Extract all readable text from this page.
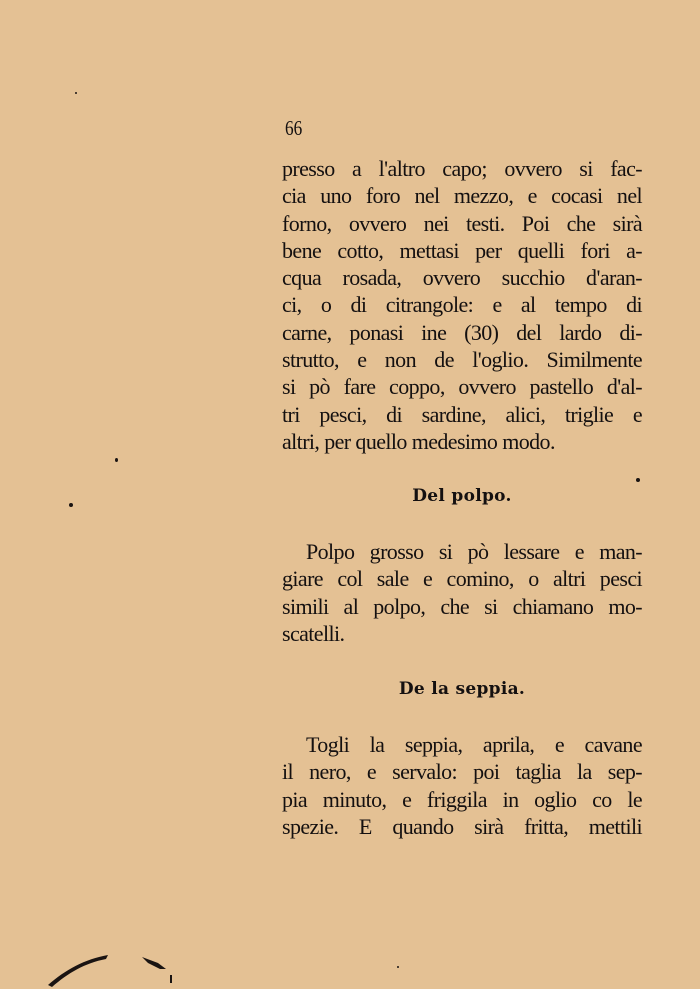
66
presso a l'altro capo; ovvero si fac-
cia uno foro nel mezzo, e cocasi nel
forno, ovvero nei testi. Poi che sirà
bene cotto, mettasi per quelli fori a-
cqua rosada, ovvero succhio d'aran-
ci, o di citrangole: e al tempo di
carne, ponasi ine (30) del lardo di-
strutto, e non de l'oglio. Similmente
si pò fare coppo, ovvero pastello d'al-
tri pesci, di sardine, alici, triglie e
altri, per quello medesimo modo.
Del polpo.
Polpo grosso si pò lessare e man-
giare col sale e comino, o altri pesci
simili al polpo, che si chiamano mo-
scatelli.
De la seppia.
Togli la seppia, aprila, e cavane
il nero, e servalo: poi taglia la sep-
pia minuto, e friggila in oglio co le
spezie. E quando sirà fritta, mettili
